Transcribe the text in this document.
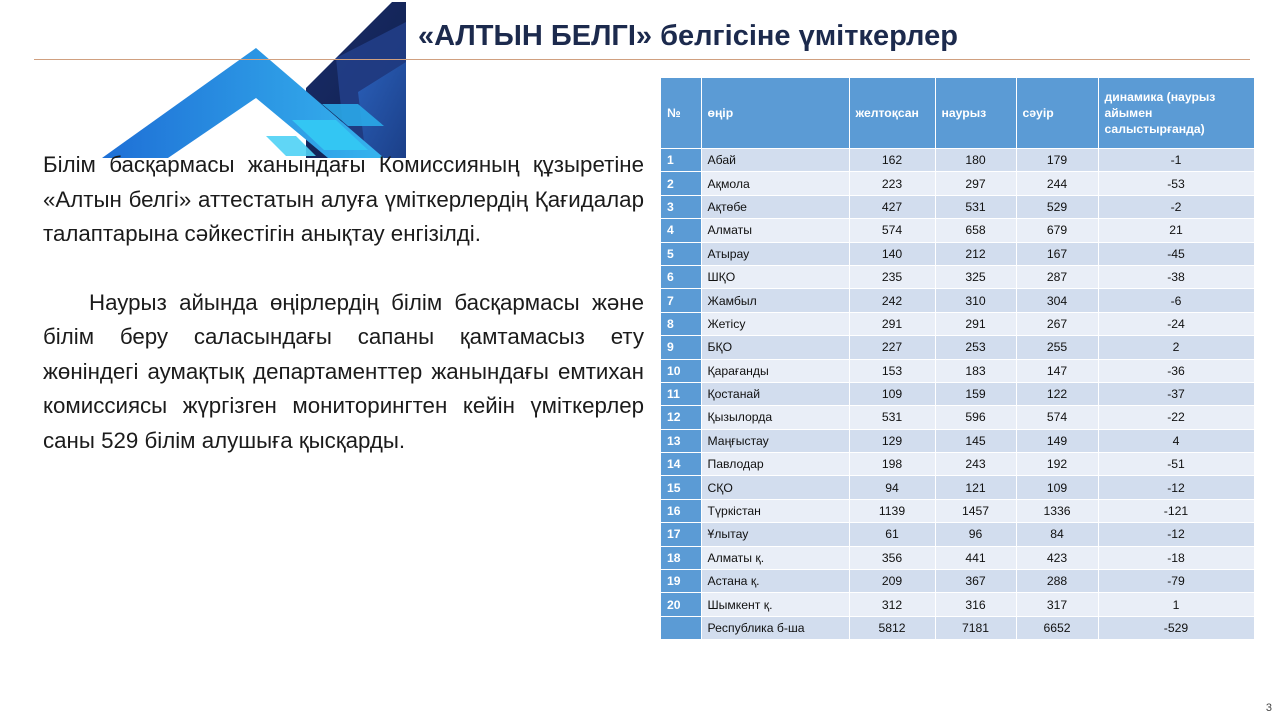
«АЛТЫН БЕЛГІ» белгісіне үміткерлер

Білім басқармасы жанындағы Комиссияның құзыретіне «Алтын белгі» аттестатын алуға үміткерлердің Қағидалар талаптарына сәйкестігін анықтау енгізілді.

Наурыз айында өңірлердің білім басқармасы және білім беру саласындағы сапаны қамтамасыз ету жөніндегі аумақтық департаменттер жанындағы емтихан комиссиясы жүргізген мониторингтен кейін үміткерлер саны 529 білім алушыға қысқарды.

№	өңір	желтоқсан	наурыз	сәуір	динамика (наурыз айымен салыстырғанда)
1	Абай	162	180	179	-1
2	Ақмола	223	297	244	-53
3	Ақтөбе	427	531	529	-2
4	Алматы	574	658	679	21
5	Атырау	140	212	167	-45
6	ШҚО	235	325	287	-38
7	Жамбыл	242	310	304	-6
8	Жетісу	291	291	267	-24
9	БҚО	227	253	255	2
10	Қарағанды	153	183	147	-36
11	Қостанай	109	159	122	-37
12	Қызылорда	531	596	574	-22
13	Маңғыстау	129	145	149	4
14	Павлодар	198	243	192	-51
15	СҚО	94	121	109	-12
16	Түркістан	1139	1457	1336	-121
17	Ұлытау	61	96	84	-12
18	Алматы қ.	356	441	423	-18
19	Астана қ.	209	367	288	-79
20	Шымкент қ.	312	316	317	1
	Республика б-ша	5812	7181	6652	-529
3
